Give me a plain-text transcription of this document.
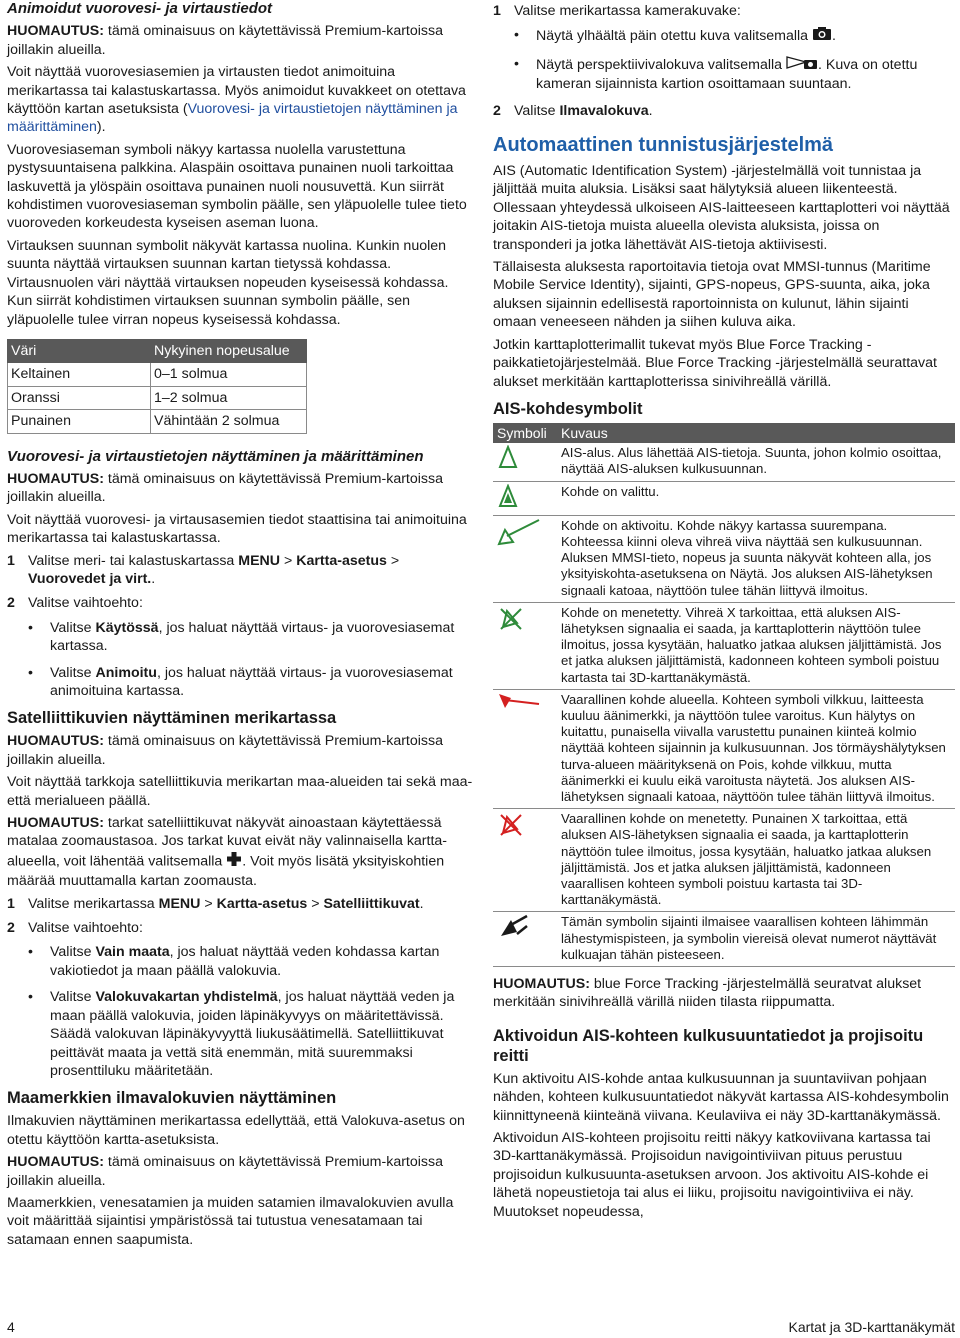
Animoidut vuorovesi- ja virtaustiedot

HUOMAUTUS: tämä ominaisuus on käytettävissä Premium-kartoissa joillakin alueilla.

Voit näyttää vuorovesiasemien ja virtausten tiedot animoituina merikartassa tai kalastuskartassa. Myös animoidut kuvakkeet on otettava käyttöön kartan asetuksista (Vuorovesi- ja virtaustietojen näyttäminen ja määrittäminen).

Vuorovesiaseman symboli näkyy kartassa nuolella varustettuna pystysuuntaisena palkkina. Alaspäin osoittava punainen nuoli tarkoittaa laskuvettä ja ylöspäin osoittava punainen nuoli nousuvettä. Kun siirrät kohdistimen vuorovesiaseman symbolin päälle, sen yläpuolelle tulee tieto vuoroveden korkeudesta kyseisen aseman luona.

Virtauksen suunnan symbolit näkyvät kartassa nuolina. Kunkin nuolen suunta näyttää virtauksen suunnan kartan tietyssä kohdassa. Virtausnuolen väri näyttää virtauksen nopeuden kyseisessä kohdassa. Kun siirrät kohdistimen virtauksen suunnan symbolin päälle, sen yläpuolelle tulee virran nopeus kyseisessä kohdassa.

Väri	Nykyinen nopeusalue
Keltainen	0–1 solmua
Oranssi	1–2 solmua
Punainen	Vähintään 2 solmua

Vuorovesi- ja virtaustietojen näyttäminen ja määrittäminen

HUOMAUTUS: tämä ominaisuus on käytettävissä Premium-kartoissa joillakin alueilla.

Voit näyttää vuorovesi- ja virtausasemien tiedot staattisina tai animoituina merikartassa tai kalastuskartassa.

1 Valitse meri- tai kalastuskartassa MENU > Kartta-asetus > Vuorovedet ja virt..
2 Valitse vaihtoehto:
•	Valitse Käytössä, jos haluat näyttää virtaus- ja vuorovesiasemat kartassa.
•	Valitse Animoitu, jos haluat näyttää virtaus- ja vuorovesiasemat animoituina kartassa.
Satelliittikuvien näyttäminen merikartassa

HUOMAUTUS: tämä ominaisuus on käytettävissä Premium-kartoissa joillakin alueilla.

Voit näyttää tarkkoja satelliittikuvia merikartan maa-alueiden tai sekä maa- että merialueen päällä.

HUOMAUTUS: tarkat satelliittikuvat näkyvät ainoastaan käytettäessä matalaa zoomaustasoa. Jos tarkat kuvat eivät näy valinnaisella kartta-alueella, voit lähentää valitsemalla . Voit myös lisätä yksityiskohtien määrää muuttamalla kartan zoomausta.

1 Valitse merikartassa MENU > Kartta-asetus > Satelliittikuvat.
2 Valitse vaihtoehto:
•	Valitse Vain maata, jos haluat näyttää veden kohdassa kartan vakiotiedot ja maan päällä valokuvia.
•	Valitse Valokuvakartan yhdistelmä, jos haluat näyttää veden ja maan päällä valokuvia, joiden läpinäkyvyys on määritettävissä. Säädä valokuvan läpinäkyvyyttä liukusäätimellä. Satelliittikuvat peittävät maata ja vettä sitä enemmän, mitä suuremmaksi prosenttiluku määritetään.
Maamerkkien ilmavalokuvien näyttäminen

Ilmakuvien näyttäminen merikartassa edellyttää, että Valokuva-asetus on otettu käyttöön kartta-asetuksista.

HUOMAUTUS: tämä ominaisuus on käytettävissä Premium-kartoissa joillakin alueilla.

Maamerkkien, venesatamien ja muiden satamien ilmavalokuvien avulla voit määrittää sijaintisi ympäristössä tai tutustua venesatamaan tai satamaan ennen saapumista.

1 Valitse merikartassa kamerakuvake:
•	Näytä ylhäältä päin otettu kuva valitsemalla .
•	Näytä perspektiivivalokuva valitsemalla . Kuva on otettu kameran sijainnista kartion osoittamaan suuntaan.
2 Valitse Ilmavalokuva.
Automaattinen tunnistusjärjestelmä

AIS (Automatic Identification System) -järjestelmällä voit tunnistaa ja jäljittää muita aluksia. Lisäksi saat hälytyksiä alueen liikenteestä. Ollessaan yhteydessä ulkoiseen AIS-laitteeseen karttaplotteri voi näyttää joitakin AIS-tietoja muista alueella olevista aluksista, joissa on transponderi ja jotka lähettävät AIS-tietoja aktiivisesti.

Tällaisesta aluksesta raportoitavia tietoja ovat MMSI-tunnus (Maritime Mobile Service Identity), sijainti, GPS-nopeus, GPS-suunta, aika, joka aluksen sijainnin edellisestä raportoinnista on kulunut, lähin sijainti omaan veneeseen nähden ja siihen kuluva aika.

Jotkin karttaplotterimallit tukevat myös Blue Force Tracking -paikkatietojärjestelmää. Blue Force Tracking -järjestelmällä seurattavat alukset merkitään karttaplotterissa sinivihreällä värillä.

AIS-kohdesymbolit
Symboli	Kuvaus
	AIS-alus. Alus lähettää AIS-tietoja. Suunta, johon kolmio osoittaa, näyttää AIS-aluksen kulkusuunnan.
	Kohde on valittu.
	Kohde on aktivoitu. Kohde näkyy kartassa suurempana. Kohteessa kiinni oleva vihreä viiva näyttää sen kulkusuunnan. Aluksen MMSI-tieto, nopeus ja suunta näkyvät kohteen alla, jos yksityiskohta-asetuksena on Näytä. Jos aluksen AIS-lähetyksen signaali katoaa, näyttöön tulee tähän liittyvä ilmoitus.
	Kohde on menetetty. Vihreä X tarkoittaa, että aluksen AIS-lähetyksen signaalia ei saada, ja karttaplotterin näyttöön tulee ilmoitus, jossa kysytään, haluatko jatkaa aluksen jäljittämistä. Jos et jatka aluksen jäljittämistä, kadonneen kohteen symboli poistuu kartasta tai 3D-karttanäkymästä.
	Vaarallinen kohde alueella. Kohteen symboli vilkkuu, laitteesta kuuluu äänimerkki, ja näyttöön tulee varoitus. Kun hälytys on kuitattu, punaisella viivalla varustettu punainen kiinteä kolmio näyttää kohteen sijainnin ja kulkusuunnan. Jos törmäyshälytyksen turva-alueen määrityksenä on Pois, kohde vilkkuu, mutta äänimerkki ei kuulu eikä varoitusta näytetä. Jos aluksen AIS-lähetyksen signaali katoaa, näyttöön tulee tähän liittyvä ilmoitus.
	Vaarallinen kohde on menetetty. Punainen X tarkoittaa, että aluksen AIS-lähetyksen signaalia ei saada, ja karttaplotterin näyttöön tulee ilmoitus, jossa kysytään, haluatko jatkaa aluksen jäljittämistä. Jos et jatka aluksen jäljittämistä, kadonneen vaarallisen kohteen symboli poistuu kartasta tai 3D-karttanäkymästä.
	Tämän symbolin sijainti ilmaisee vaarallisen kohteen lähimmän lähestymispisteen, ja symbolin viereisä olevat numerot näyttävät kulkuajan tähän pisteeseen.

HUOMAUTUS: blue Force Tracking -järjestelmällä seuratvat alukset merkitään sinivihreällä värillä niiden tilasta riippumatta.

Aktivoidun AIS-kohteen kulkusuuntatiedot ja projisoitu reitti

Kun aktivoitu AIS-kohde antaa kulkusuunnan ja suuntaviivan pohjaan nähden, kohteen kulkusuuntatiedot näkyvät kartassa AIS-kohdesymbolin kiinnittyneenä kiinteänä viivana. Keulaviiva ei näy 3D-karttanäkymässä.

Aktivoidun AIS-kohteen projisoitu reitti näkyy katkoviivana kartassa tai 3D-karttanäkymässä. Projisoidun navigointiviivan pituus perustuu projisoidun kulkusuunta-asetuksen arvoon. Jos aktivoitu AIS-kohde ei lähetä nopeustietoja tai alus ei liiku, projisoitu navigointiviiva ei näy. Muutokset nopeudessa,

4	Kartat ja 3D-karttanäkymät
